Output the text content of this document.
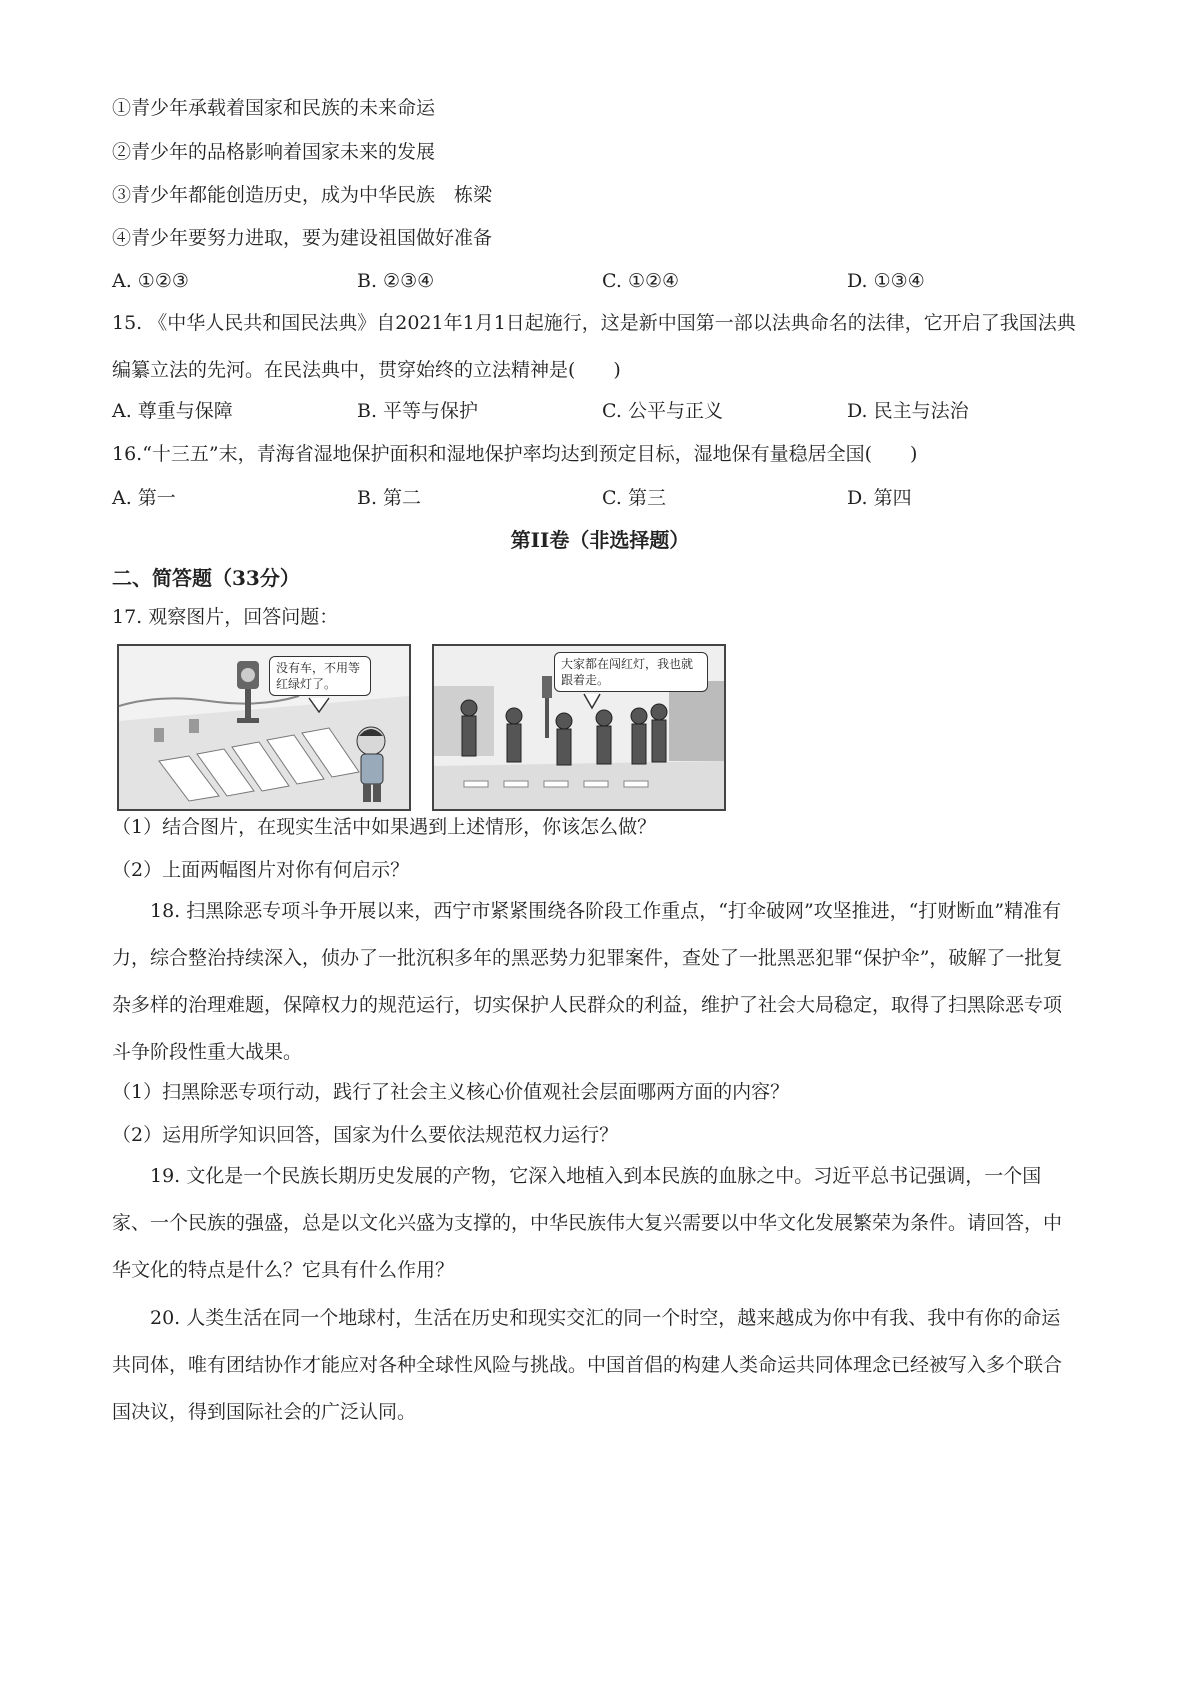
①青少年承载着国家和民族的未来命运
②青少年的品格影响着国家未来的发展
③青少年都能创造历史，成为中华民族　栋梁
④青少年要努力进取，要为建设祖国做好准备
A. ①②③	B. ②③④	C. ①②④	D. ①③④
15. 《中华人民共和国民法典》自2021年1月1日起施行，这是新中国第一部以法典命名的法律，它开启了我国法典编纂立法的先河。在民法典中，贯穿始终的立法精神是(　　)
A. 尊重与保障	B. 平等与保护	C. 公平与正义	D. 民主与法治
16.“十三五”末，青海省湿地保护面积和湿地保护率均达到预定目标，湿地保有量稳居全国(　　)
A. 第一	B. 第二	C. 第三	D. 第四
第II卷（非选择题）
二、简答题（33分）
17. 观察图片，回答问题：
没有车，不用等红绿灯了。
大家都在闯红灯，我也就跟着走。
（1）结合图片，在现实生活中如果遇到上述情形，你该怎么做？
（2）上面两幅图片对你有何启示？
18. 扫黑除恶专项斗争开展以来，西宁市紧紧围绕各阶段工作重点，“打伞破网”攻坚推进，“打财断血”精准有力，综合整治持续深入，侦办了一批沉积多年的黑恶势力犯罪案件，查处了一批黑恶犯罪“保护伞”，破解了一批复杂多样的治理难题，保障权力的规范运行，切实保护人民群众的利益，维护了社会大局稳定，取得了扫黑除恶专项斗争阶段性重大战果。
（1）扫黑除恶专项行动，践行了社会主义核心价值观社会层面哪两方面的内容？
（2）运用所学知识回答，国家为什么要依法规范权力运行？
19. 文化是一个民族长期历史发展的产物，它深入地植入到本民族的血脉之中。习近平总书记强调，一个国家、一个民族的强盛，总是以文化兴盛为支撑的，中华民族伟大复兴需要以中华文化发展繁荣为条件。请回答，中华文化的特点是什么？它具有什么作用？
20. 人类生活在同一个地球村，生活在历史和现实交汇的同一个时空，越来越成为你中有我、我中有你的命运共同体，唯有团结协作才能应对各种全球性风险与挑战。中国首倡的构建人类命运共同体理念已经被写入多个联合国决议，得到国际社会的广泛认同。
